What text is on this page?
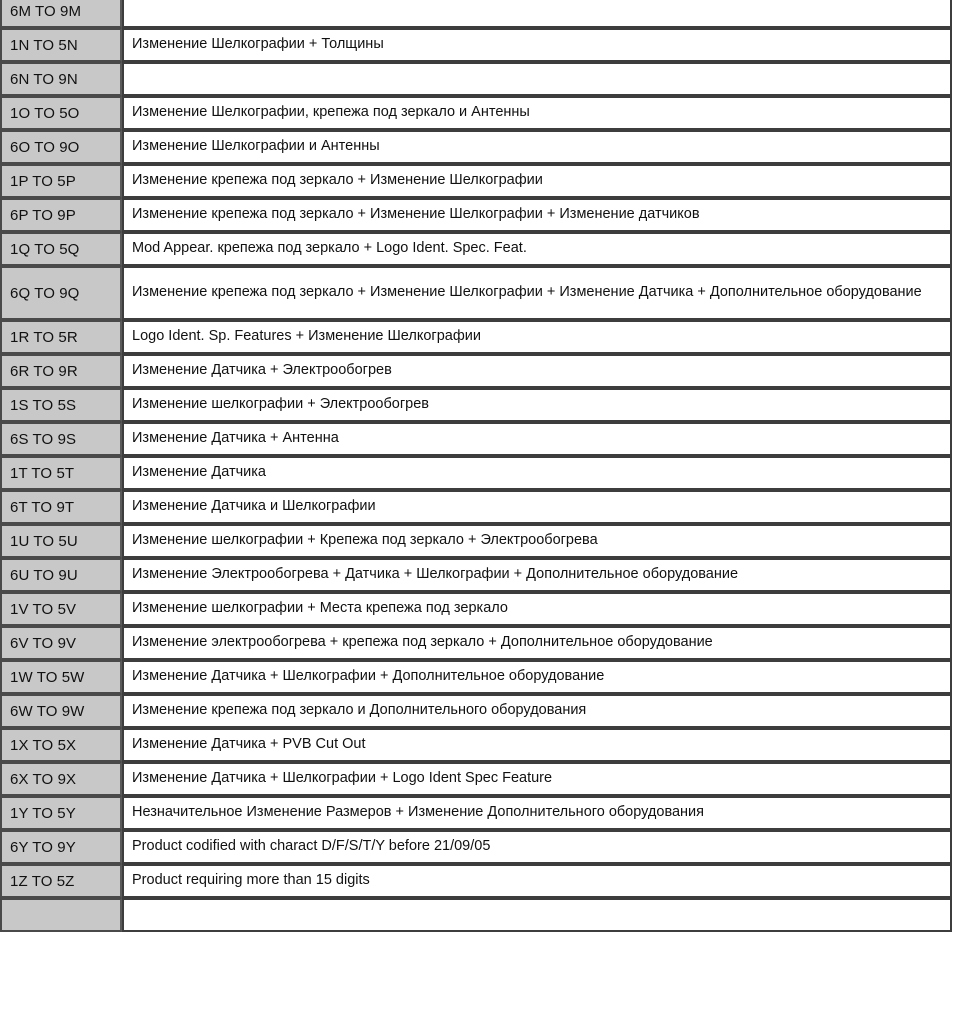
6M TO 9M	

1N TO 5N	Изменение Шелкографии + Толщины

6N TO 9N	

1O TO 5O	Изменение Шелкографии, крепежа под зеркало и Антенны

6O TO 9O	Изменение Шелкографии и Антенны

1P TO 5P	Изменение крепежа под зеркало + Изменение Шелкографии

6P TO 9P	Изменение крепежа под зеркало + Изменение Шелкографии + Изменение датчиков

1Q TO 5Q	Mod Appear. крепежа под зеркало + Logo Ident. Spec. Feat.

6Q TO 9Q	Изменение крепежа под зеркало + Изменение Шелкографии + Изменение Датчика + Дополнительное оборудование

1R TO 5R	Logo Ident. Sp. Features + Изменение Шелкографии

6R TO 9R	Изменение Датчика + Электрообогрев

1S TO 5S	Изменение шелкографии + Электрообогрев

6S TO 9S	Изменение Датчика + Антенна

1T TO 5T	Изменение Датчика

6T TO 9T	Изменение Датчика и Шелкографии

1U TO 5U	Изменение шелкографии + Крепежа под зеркало + Электрообогрева

6U TO 9U	Изменение Электрообогрева + Датчика + Шелкографии + Дополнительное оборудование

1V TO 5V	Изменение шелкографии + Места крепежа под зеркало

6V TO 9V	Изменение электрообогрева + крепежа под зеркало + Дополнительное оборудование

1W TO 5W	Изменение Датчика + Шелкографии + Дополнительное оборудование

6W TO 9W	Изменение крепежа под зеркало и Дополнительного оборудования

1X TO 5X	Изменение Датчика + PVB Cut Out

6X TO 9X	Изменение Датчика + Шелкографии + Logo Ident Spec Feature

1Y TO 5Y	Незначительное Изменение Размеров + Изменение Дополнительного оборудования

6Y TO 9Y	Product codified with charact D/F/S/T/Y before 21/09/05

1Z TO 5Z	Product requiring more than 15 digits
